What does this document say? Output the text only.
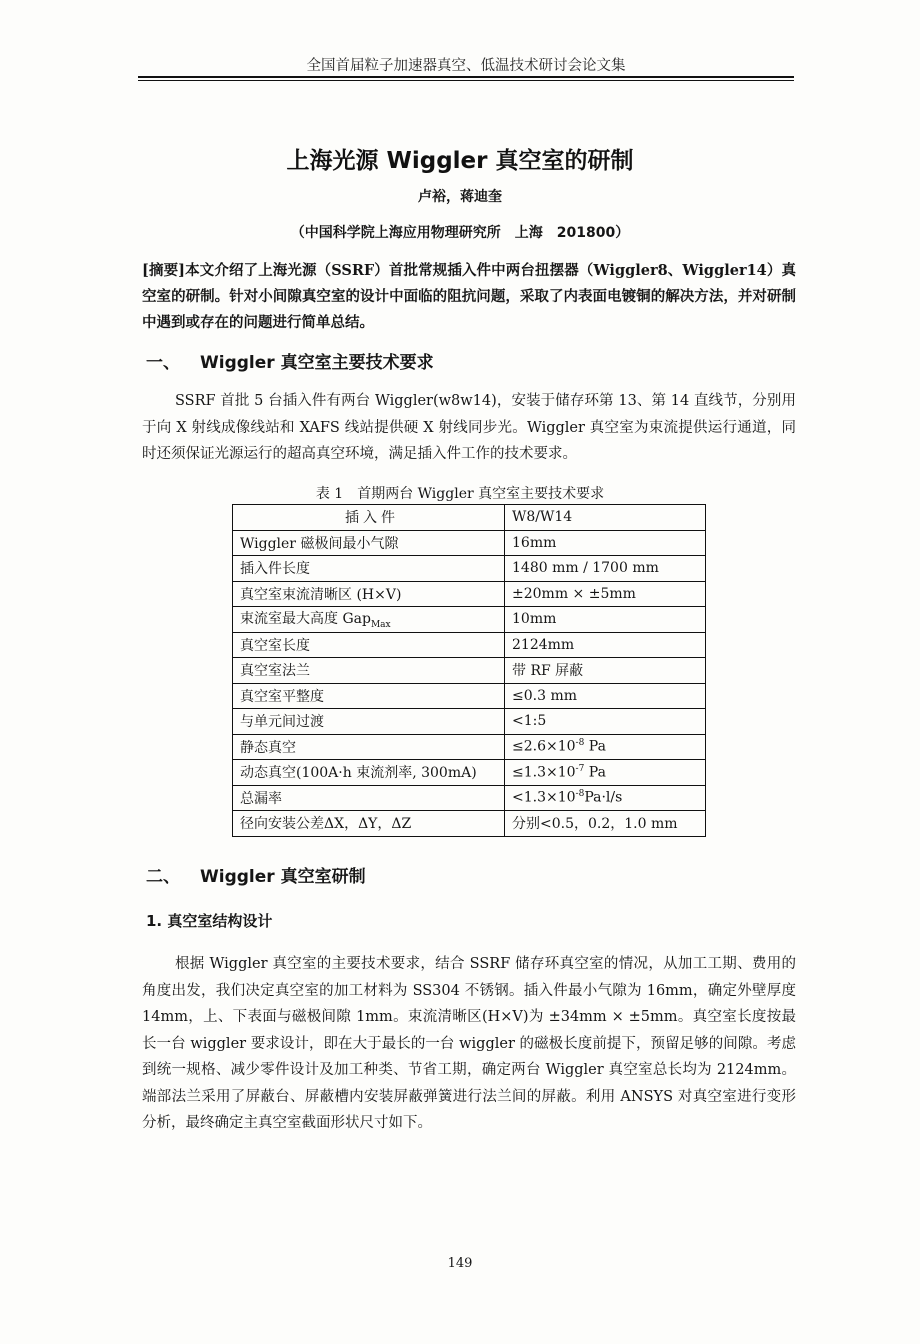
全国首届粒子加速器真空、低温技术研讨会论文集
上海光源 Wiggler 真空室的研制
卢裕，蒋迪奎
（中国科学院上海应用物理研究所　上海　201800）
[摘要]本文介绍了上海光源（SSRF）首批常规插入件中两台扭摆器（Wiggler8、Wiggler14）真空室的研制。针对小间隙真空室的设计中面临的阻抗问题，采取了内表面电镀铜的解决方法，并对研制中遇到或存在的问题进行简单总结。
一、 Wiggler 真空室主要技术要求
SSRF 首批 5 台插入件有两台 Wiggler(w8w14)，安装于储存环第 13、第 14 直线节，分别用于向 X 射线成像线站和 XAFS 线站提供硬 X 射线同步光。Wiggler 真空室为束流提供运行通道，同时还须保证光源运行的超高真空环境，满足插入件工作的技术要求。
表 1　首期两台 Wiggler 真空室主要技术要求
插入件	W8/W14
Wiggler 磁极间最小气隙	16mm
插入件长度	1480 mm / 1700 mm
真空室束流清晰区 (H×V)	±20mm × ±5mm
束流室最大高度 Gap$_{Max}$	10mm
真空室长度	2124mm
真空室法兰	带 RF 屏蔽
真空室平整度	≤0.3 mm
与单元间过渡	<1:5
静态真空	$\le 2.6\times 10^{-8}$ Pa
动态真空(100A·h 束流剂率, 300mA)	$\le 1.3\times 10^{-7}$ Pa
总漏率	$<1.3\times 10^{-8}Pa\cdot l/s$
径向安装公差ΔX，ΔY，ΔZ	分别<0.5，0.2，1.0 mm
二、 Wiggler 真空室研制
1. 真空室结构设计
根据 Wiggler 真空室的主要技术要求，结合 SSRF 储存环真空室的情况，从加工工期、费用的角度出发，我们决定真空室的加工材料为 SS304 不锈钢。插入件最小气隙为 16mm，确定外壁厚度 14mm，上、下表面与磁极间隙 1mm。束流清晰区(H×V)为 ±34mm × ±5mm。真空室长度按最长一台 wiggler 要求设计，即在大于最长的一台 wiggler 的磁极长度前提下，预留足够的间隙。考虑到统一规格、减少零件设计及加工种类、节省工期，确定两台 Wiggler 真空室总长均为 2124mm。端部法兰采用了屏蔽台、屏蔽槽内安装屏蔽弹簧进行法兰间的屏蔽。利用 ANSYS 对真空室进行变形分析，最终确定主真空室截面形状尺寸如下。
149
